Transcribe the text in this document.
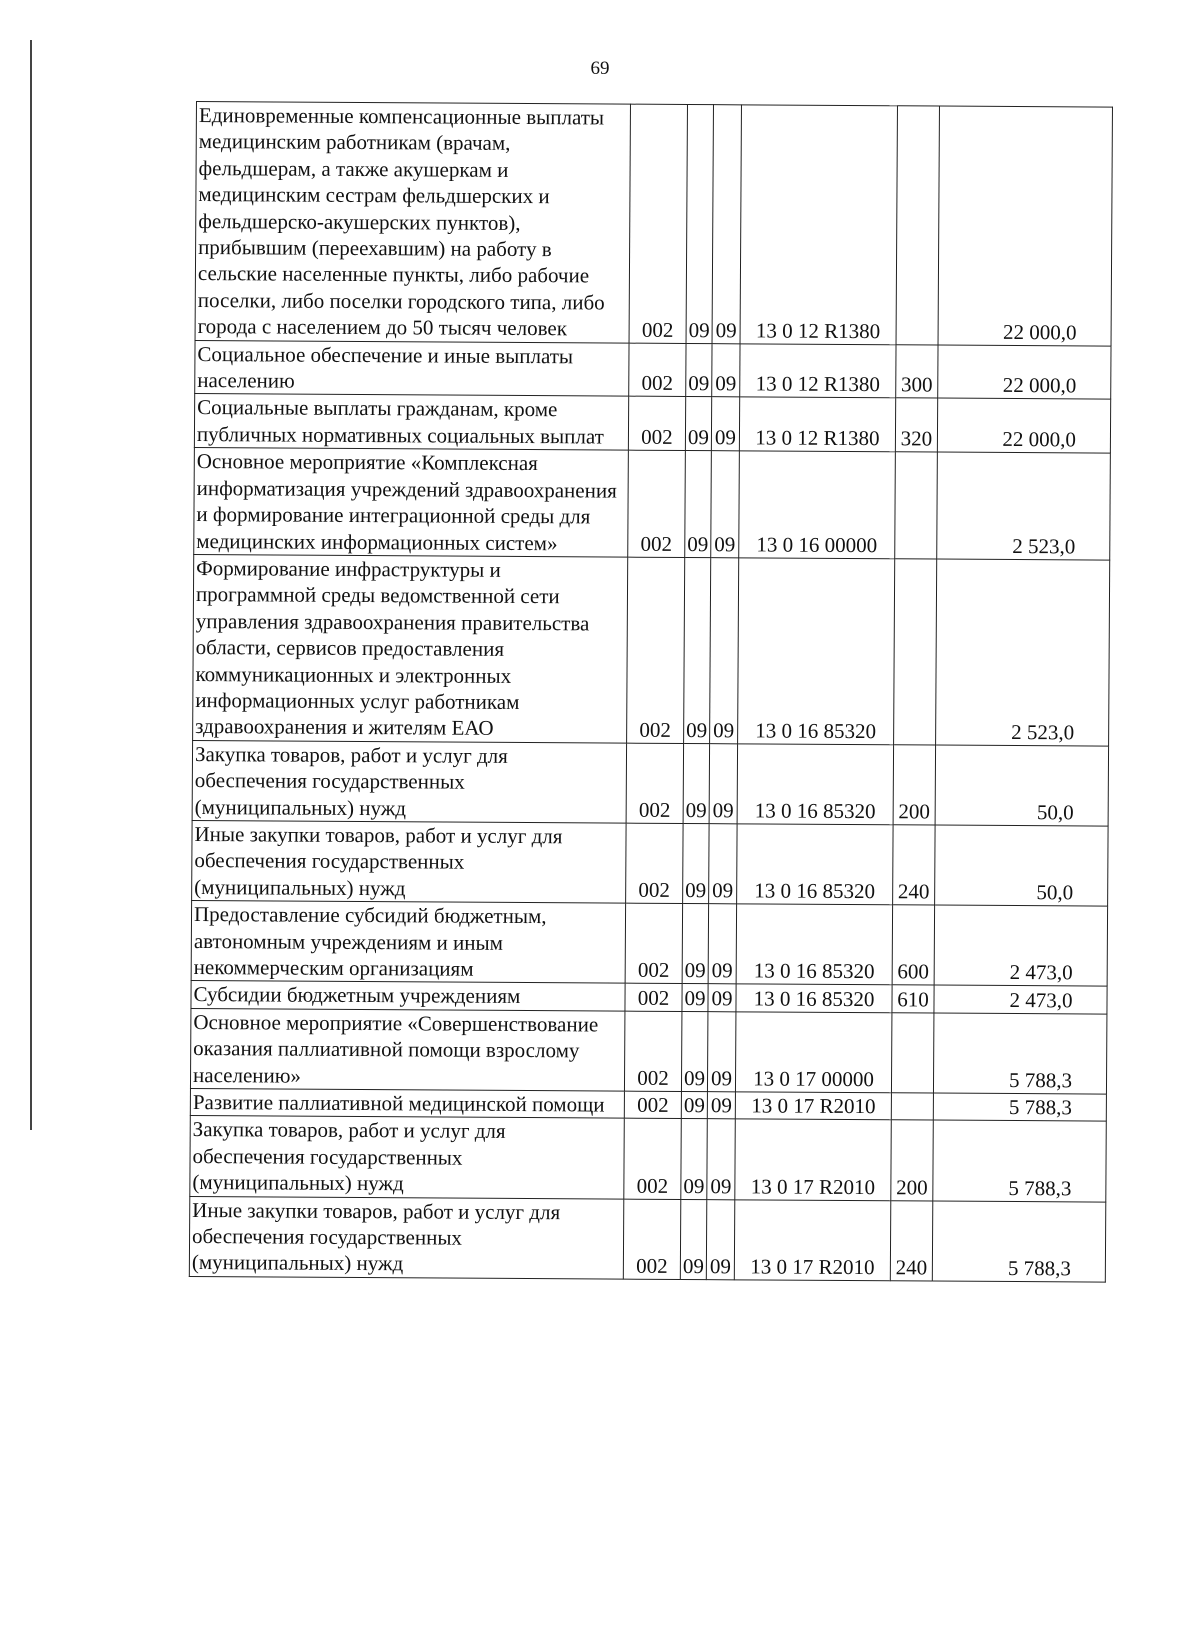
69
Единовременные компенсационные выплаты медицинским работникам (врачам, фельдшерам, а также акушеркам и медицинским сестрам фельдшерских и фельдшерско-акушерских пунктов), прибывшим (переехавшим) на работу в сельские населенные пункты, либо рабочие поселки, либо поселки городского типа, либо города с населением до 50 тысяч человек	002	09	09	13 0 12 R1380		22 000,0
Социальное обеспечение и иные выплаты населению	002	09	09	13 0 12 R1380	300	22 000,0
Социальные выплаты гражданам, кроме публичных нормативных социальных выплат	002	09	09	13 0 12 R1380	320	22 000,0
Основное мероприятие «Комплексная информатизация учреждений здравоохранения и формирование интеграционной среды для медицинских информационных систем»	002	09	09	13 0 16 00000		2 523,0
Формирование инфраструктуры и программной среды ведомственной сети управления здравоохранения правительства области, сервисов предоставления коммуникационных и электронных информационных услуг работникам здравоохранения и жителям ЕАО	002	09	09	13 0 16 85320		2 523,0
Закупка товаров, работ и услуг для обеспечения государственных (муниципальных) нужд	002	09	09	13 0 16 85320	200	50,0
Иные закупки товаров, работ и услуг для обеспечения государственных (муниципальных) нужд	002	09	09	13 0 16 85320	240	50,0
Предоставление субсидий бюджетным, автономным учреждениям и иным некоммерческим организациям	002	09	09	13 0 16 85320	600	2 473,0
Субсидии бюджетным учреждениям	002	09	09	13 0 16 85320	610	2 473,0
Основное мероприятие «Совершенствование оказания паллиативной помощи взрослому населению»	002	09	09	13 0 17 00000		5 788,3
Развитие паллиативной медицинской помощи	002	09	09	13 0 17 R2010		5 788,3
Закупка товаров, работ и услуг для обеспечения государственных (муниципальных) нужд	002	09	09	13 0 17 R2010	200	5 788,3
Иные закупки товаров, работ и услуг для обеспечения государственных (муниципальных) нужд	002	09	09	13 0 17 R2010	240	5 788,3
